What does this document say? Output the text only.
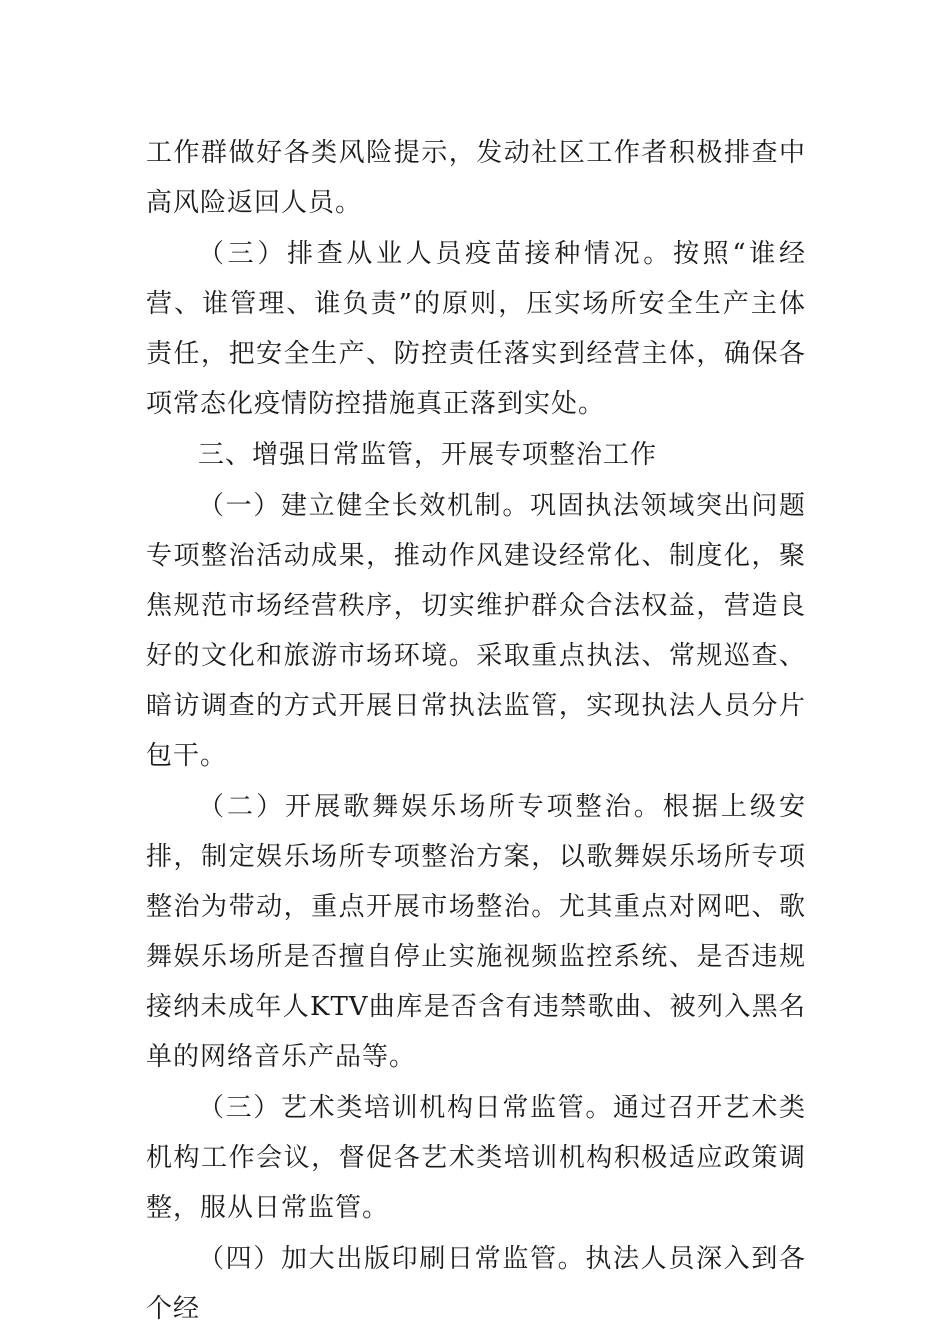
工作群做好各类风险提示，发动社区工作者积极排查中高风险返回人员。

（三）排查从业人员疫苗接种情况。按照“谁经营、谁管理、谁负责”的原则，压实场所安全生产主体责任，把安全生产、防控责任落实到经营主体，确保各项常态化疫情防控措施真正落到实处。

三、增强日常监管，开展专项整治工作

（一）建立健全长效机制。巩固执法领域突出问题专项整治活动成果，推动作风建设经常化、制度化，聚焦规范市场经营秩序，切实维护群众合法权益，营造良好的文化和旅游市场环境。采取重点执法、常规巡查、暗访调查的方式开展日常执法监管，实现执法人员分片包干。

（二）开展歌舞娱乐场所专项整治。根据上级安排，制定娱乐场所专项整治方案，以歌舞娱乐场所专项整治为带动，重点开展市场整治。尤其重点对网吧、歌舞娱乐场所是否擅自停止实施视频监控系统、是否违规接纳未成年人KTV曲库是否含有违禁歌曲、被列入黑名单的网络音乐产品等。

（三）艺术类培训机构日常监管。通过召开艺术类机构工作会议，督促各艺术类培训机构积极适应政策调整，服从日常监管。

（四）加大出版印刷日常监管。执法人员深入到各个经
